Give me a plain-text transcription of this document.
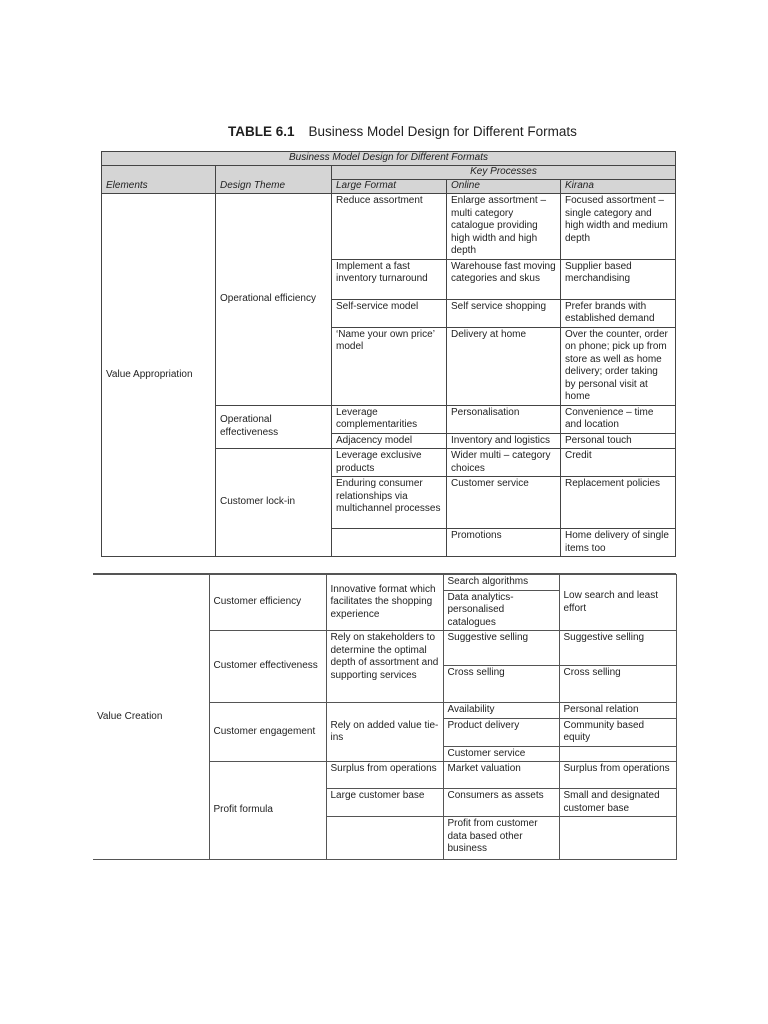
TABLE 6.1 Business Model Design for Different Formats
Business Model Design for Different Formats				
		Key Processes		
Elements	Design Theme	Large Format	Online	Kirana
Value Appropriation	Operational efficiency	Reduce assortment	Enlarge assortment – multi category catalogue providing high width and high depth	Focused assortment – single category and high width and medium depth
		Implement a fast inventory turnaround	Warehouse fast moving categories and skus	Supplier based merchandising
		Self-service model	Self service shopping	Prefer brands with established demand
		‘Name your own price’ model	Delivery at home	Over the counter, order on phone; pick up from store as well as home delivery; order taking by personal visit at home
	Operational effectiveness	Leverage complementarities	Personalisation	Convenience – time and location
		Adjacency model	Inventory and logistics	Personal touch
	Customer lock-in	Leverage exclusive products	Wider multi – category choices	Credit
		Enduring consumer relationships via multichannel processes	Customer service	Replacement policies
			Promotions	Home delivery of single items too
Value Creation	Customer efficiency	Innovative format which facilitates the shopping experience	Search algorithms	Low search and least effort
			Data analytics-personalised catalogues	
	Customer effectiveness	Rely on stakeholders to determine the optimal depth of assortment and supporting services	Suggestive selling	Suggestive selling
			Cross selling	Cross selling
	Customer engagement	Rely on added value tie-ins	Availability	Personal relation
			Product delivery	Community based equity
			Customer service	
	Profit formula	Surplus from operations	Market valuation	Surplus from operations
		Large customer base	Consumers as assets	Small and designated customer base
			Profit from customer data based other business	
